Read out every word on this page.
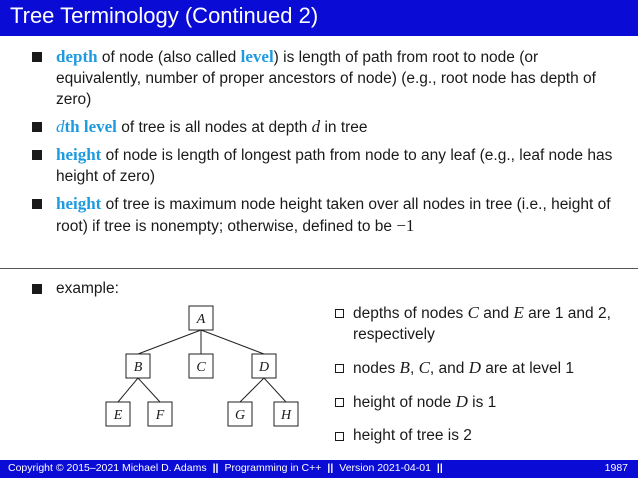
Tree Terminology (Continued 2)
depth of node (also called level) is length of path from root to node (or equivalently, number of proper ancestors of node) (e.g., root node has depth of zero)
dth level of tree is all nodes at depth d in tree
height of node is length of longest path from node to any leaf (e.g., leaf node has height of zero)
height of tree is maximum node height taken over all nodes in tree (i.e., height of root) if tree is nonempty; otherwise, defined to be −1
example:
A
B	C	D
E F	G	H
depths of nodes C and E are 1 and 2, respectively
nodes B, C, and D are at level 1
height of node D is 1
height of tree is 2
Copyright © 2015–2021 Michael D. Adams || Programming in C++ || Version 2021-04-01 ||	1987
